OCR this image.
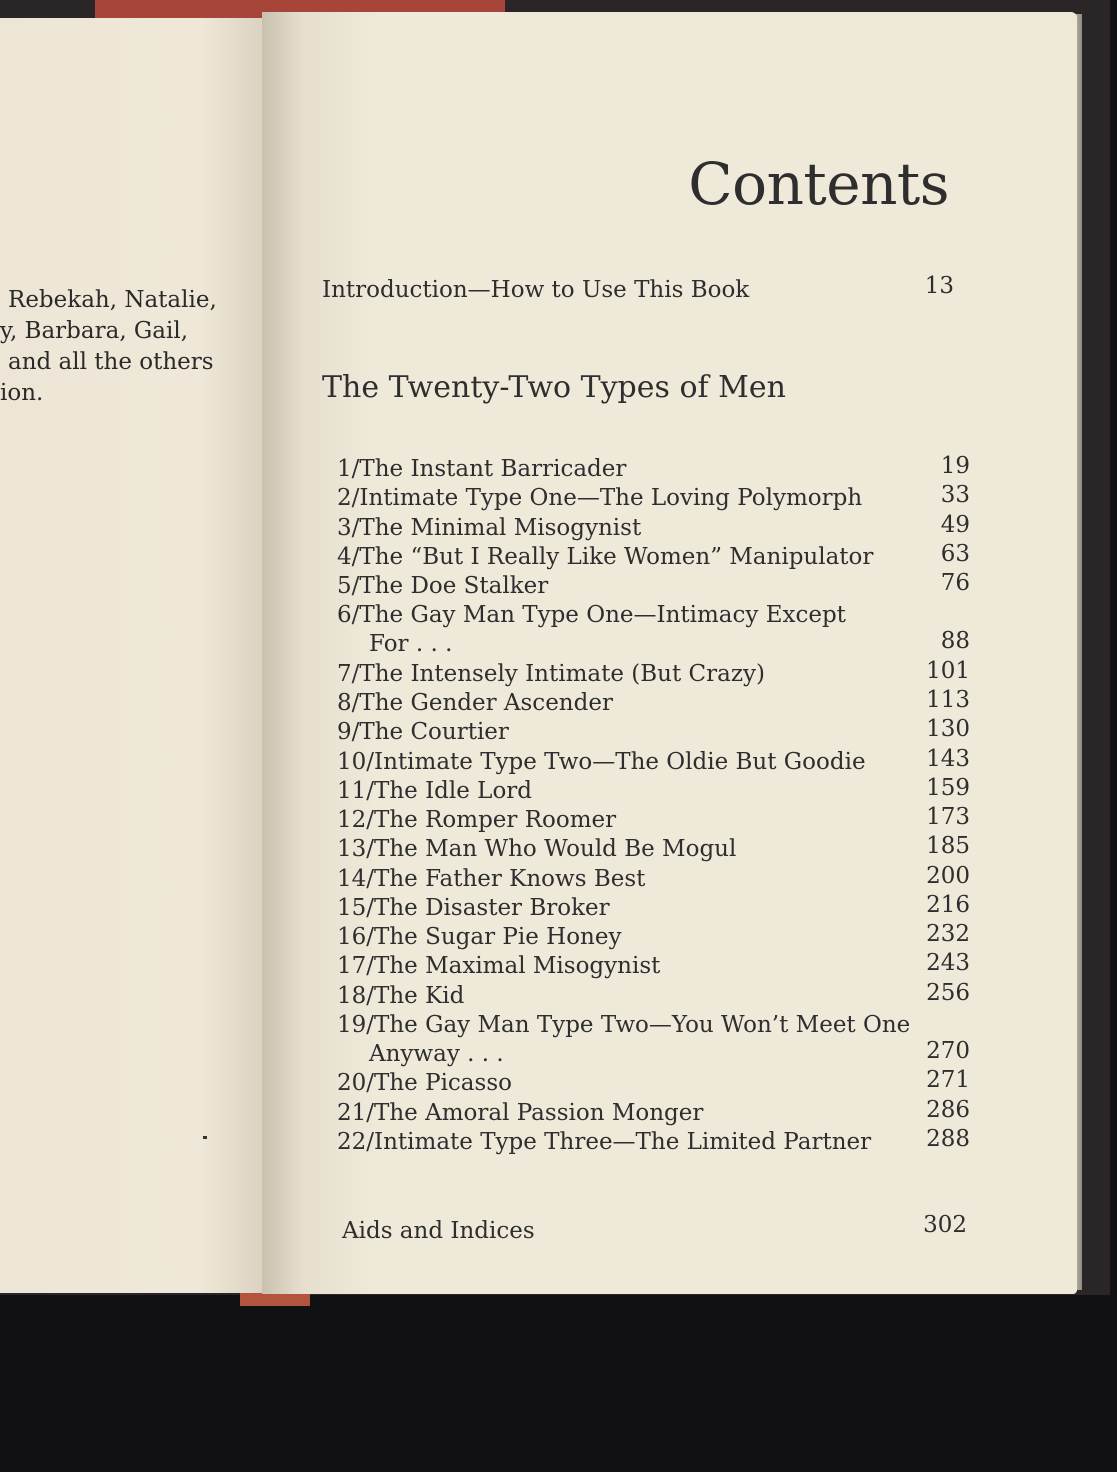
Rebekah, Natalie,
y, Barbara, Gail,
and all the others
ion.
Contents
Introduction—How to Use This Book	13
The Twenty-Two Types of Men
1/The Instant Barricader	19
2/Intimate Type One—The Loving Polymorph	33
3/The Minimal Misogynist	49
4/The “But I Really Like Women” Manipulator	63
5/The Doe Stalker	76
6/The Gay Man Type One—Intimacy Except
For . . .	88
7/The Intensely Intimate (But Crazy)	101
8/The Gender Ascender	113
9/The Courtier	130
10/Intimate Type Two—The Oldie But Goodie	143
11/The Idle Lord	159
12/The Romper Roomer	173
13/The Man Who Would Be Mogul	185
14/The Father Knows Best	200
15/The Disaster Broker	216
16/The Sugar Pie Honey	232
17/The Maximal Misogynist	243
18/The Kid	256
19/The Gay Man Type Two—You Won’t Meet One
Anyway . . .	270
20/The Picasso	271
21/The Amoral Passion Monger	286
22/Intimate Type Three—The Limited Partner 288
Aids and Indices	302
